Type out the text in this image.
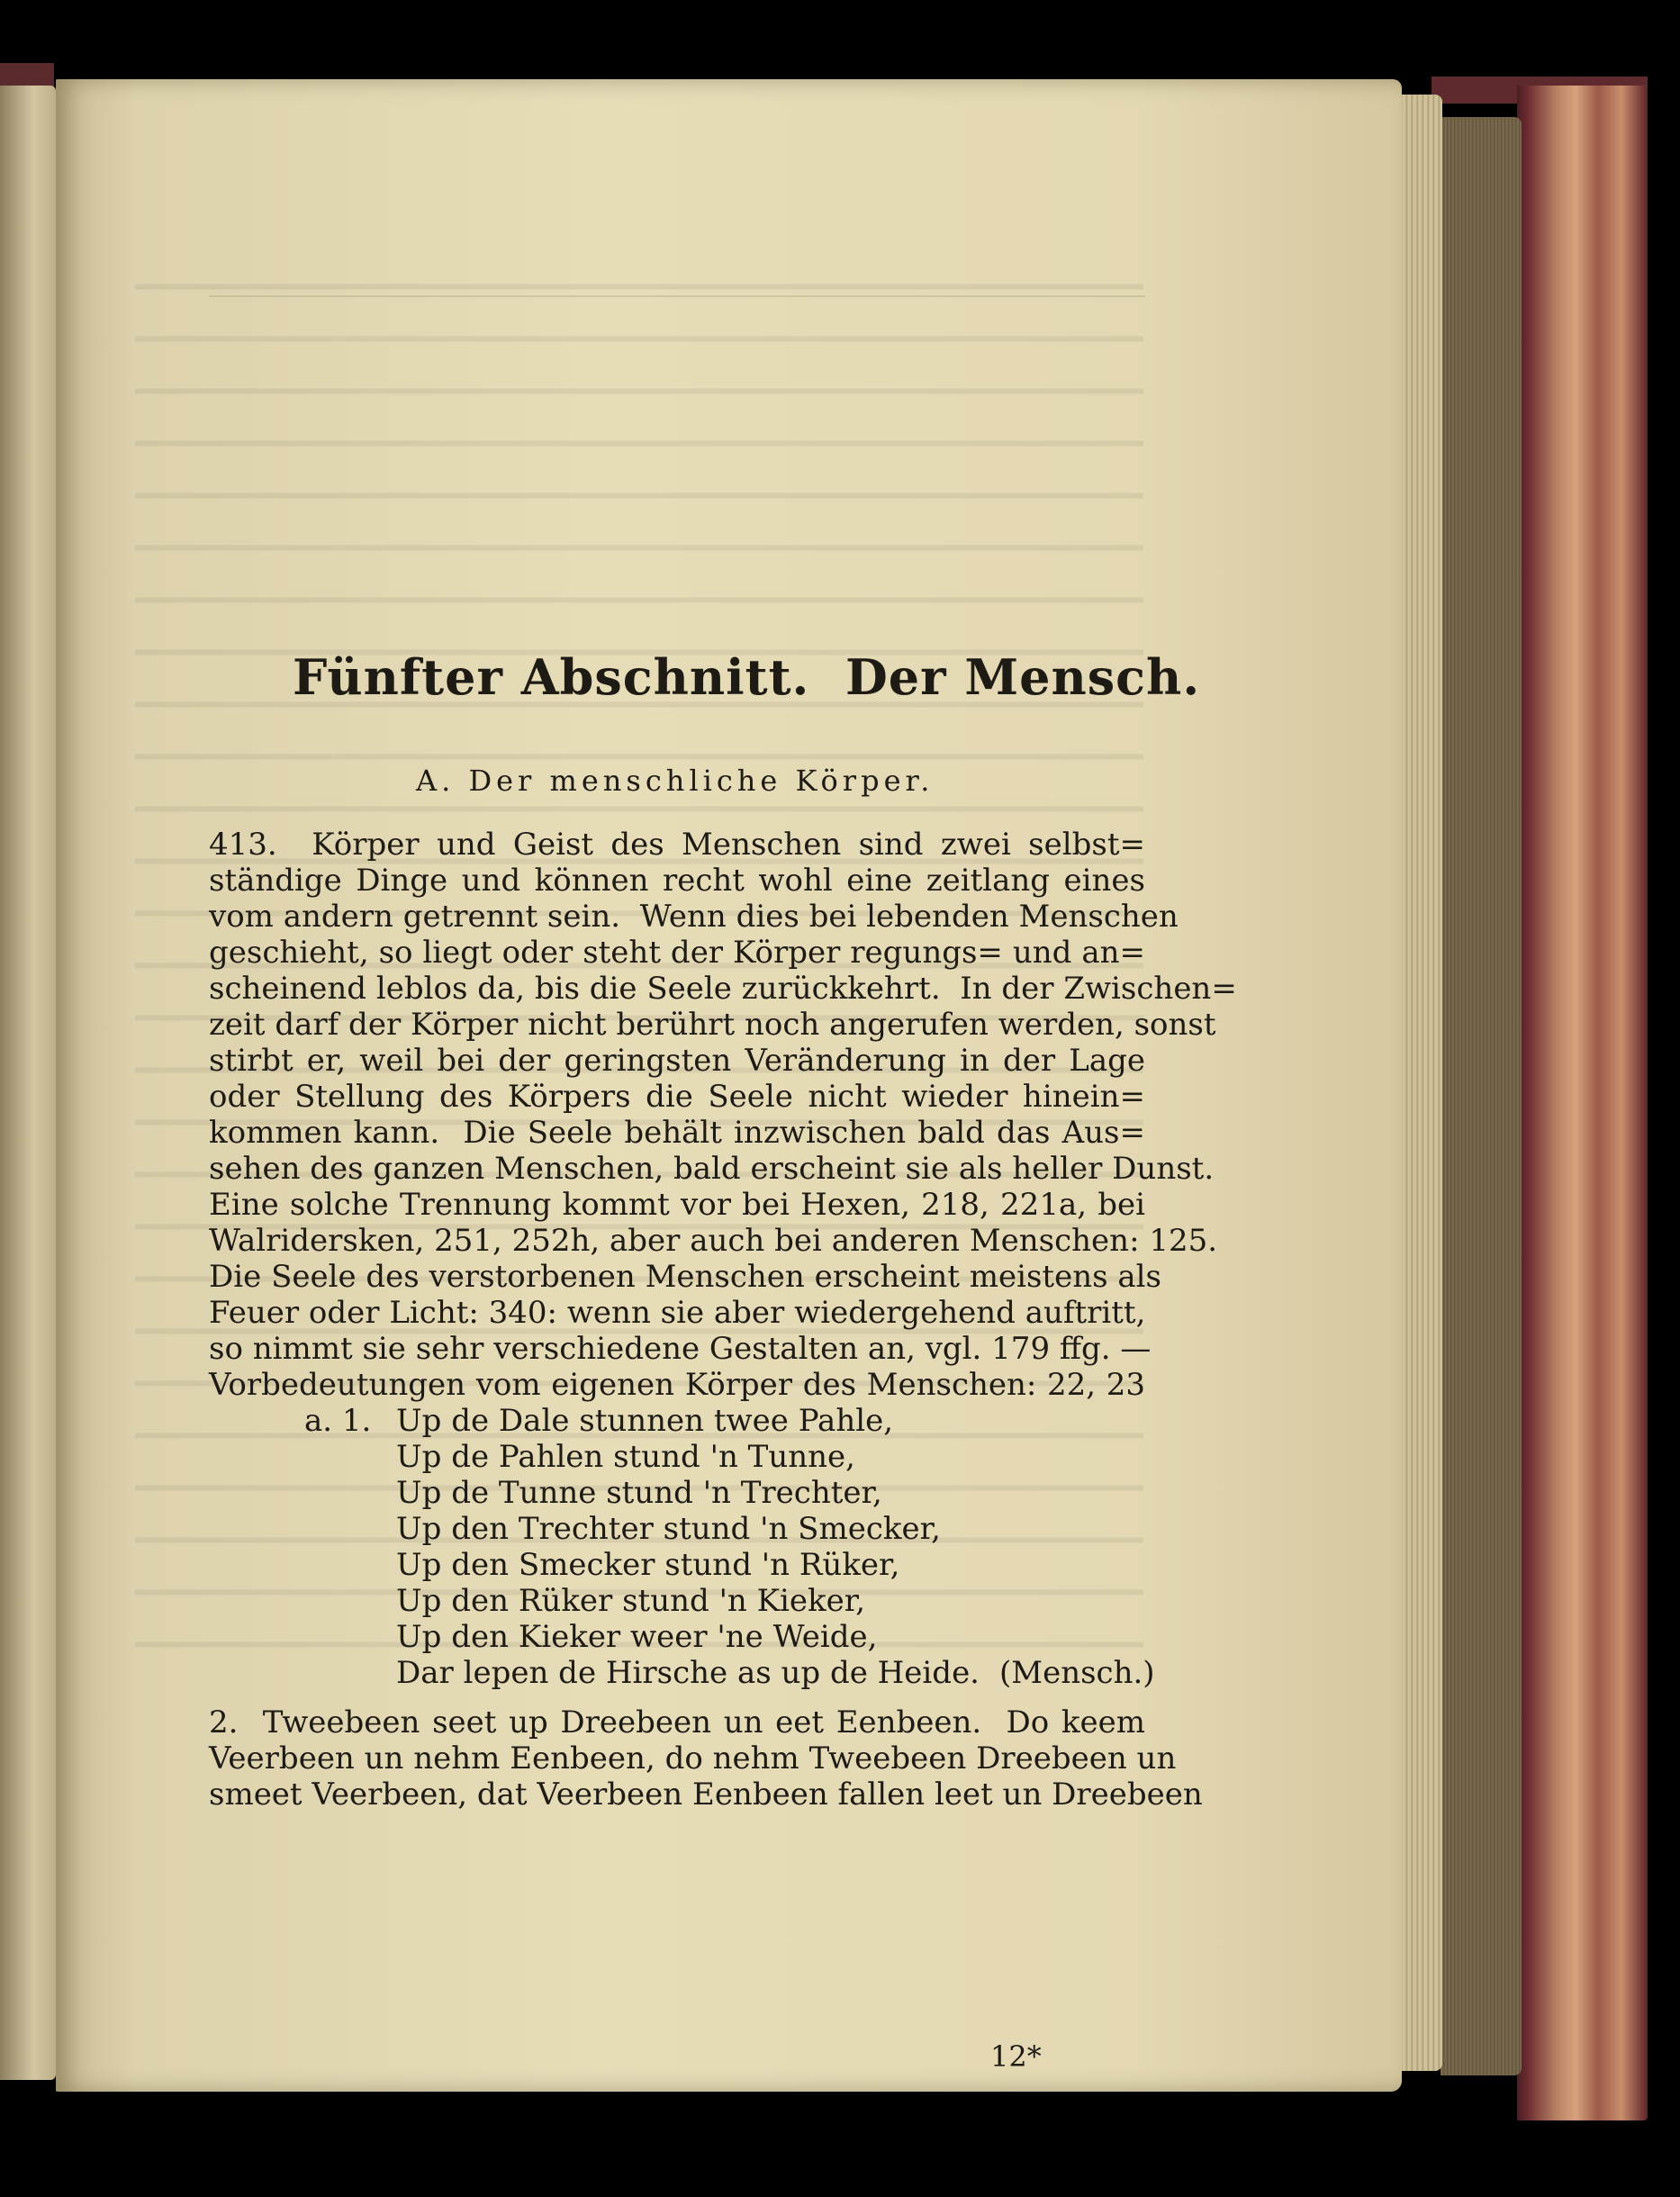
Fünfter Abschnitt.  Der Mensch.
A. Der menschliche Körper.
413.  Körper und Geist des Menschen sind zwei selbst=
ständige Dinge und können recht wohl eine zeitlang eines
vom andern getrennt sein.  Wenn dies bei lebenden Menschen
geschieht, so liegt oder steht der Körper regungs= und an=
scheinend leblos da, bis die Seele zurückkehrt.  In der Zwischen=
zeit darf der Körper nicht berührt noch angerufen werden, sonst
stirbt er, weil bei der geringsten Veränderung in der Lage
oder Stellung des Körpers die Seele nicht wieder hinein=
kommen kann.  Die Seele behält inzwischen bald das Aus=
sehen des ganzen Menschen, bald erscheint sie als heller Dunst.
Eine solche Trennung kommt vor bei Hexen, 218, 221a, bei
Walridersken, 251, 252h, aber auch bei anderen Menschen: 125.
Die Seele des verstorbenen Menschen erscheint meistens als
Feuer oder Licht: 340: wenn sie aber wiedergehend auftritt,
so nimmt sie sehr verschiedene Gestalten an, vgl. 179 ffg. —
Vorbedeutungen vom eigenen Körper des Menschen: 22, 23
a. 1. Up de Dale stunnen twee Pahle,
Up de Pahlen stund 'n Tunne,
Up de Tunne stund 'n Trechter,
Up den Trechter stund 'n Smecker,
Up den Smecker stund 'n Rüker,
Up den Rüker stund 'n Kieker,
Up den Kieker weer 'ne Weide,
Dar lepen de Hirsche as up de Heide. (Mensch.)
2.  Tweebeen seet up Dreebeen un eet Eenbeen.  Do keem
Veerbeen un nehm Eenbeen, do nehm Tweebeen Dreebeen un
smeet Veerbeen, dat Veerbeen Eenbeen fallen leet un Dreebeen
12*
